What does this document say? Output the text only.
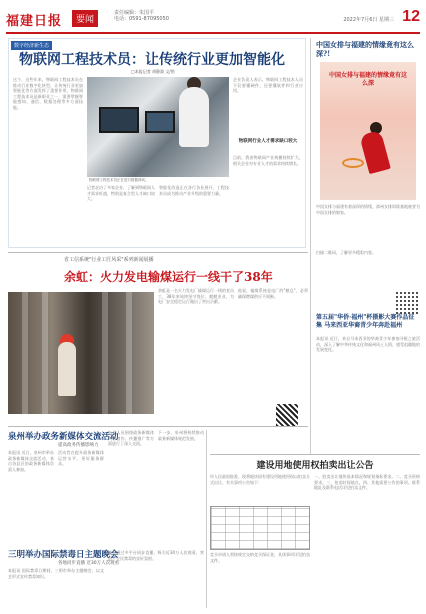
福建日报	要闻
责任编辑：朱国平
电话：0591-87095050	2022年7月6日 星期三 12
数字经济新生态
物联网工程技术员：让传统行业更加智能化
□本报记者 胡静漪 文/图
这个，这些年来，物联网工程技术员在推动行业数字化转型，让传统行业更加智能化等方面发挥了重要作用。物联网工程技术员是新职业之一，需要掌握智能感知、通信、数据处理等多方面技能。
物联网工程技术员正在进行数据调试。
记者走访了多家企业，了解到物联网人才需求旺盛，特别是复合型人才缺口较大。
智能化改造正在各行各业展开，工程技术员成为推动产业升级的重要力量。
企业负责人表示，物联网工程技术人员不仅要懂硬件，还要懂软件和行业应用。
物联网行业人才需求缺口较大
目前，我省物联网产业规模持续扩大，相关企业对专业人才的需求持续增长。
中国女排与福建的情缘竟有这么深?!
中国女排与福建的情缘竟有这么深
中国女排与福建有着深厚的情缘，漳州女排训练基地被誉为中国女排的娘家。
扫描二维码，了解更多精彩内容。
第五届"华侨·福州"杯摄影大赛作品征集 马来西亚华裔青少年奔赴福州
本报讯 近日，来自马来西亚的华裔青少年参加寻根之旅活动，深入了解中华传统文化和福州风土人情，感受祖籍地的发展变化。
省工信系统"行业工匠风采"系列新闻展播
余虹：火力发电输煤运行一线干了38年
余虹是一名火力发电厂输煤运行一线的老员工，38年来始终坚守岗位，兢兢业业，为电厂安全稳定运行做出了突出贡献。
他说，输煤系统是电厂的"粮仓"，必须确保燃煤供应不间断。
泉州举办政务新媒体交流活动
提高政务传播影响力
本报讯 近日，泉州市举办政务新媒体交流活动，来自各县区的政务新媒体负责人参加。
活动旨在提升政务新媒体运营水平，更好服务群众。
与会人员围绕政务新媒体内容创作、传播推广等方面进行了深入交流。
下一步，泉州将持续推动政务新媒体规范发展。
三明举办国际禁毒日主题晚会
各地同步直播 近30万人次观看
本报讯 国际禁毒日期间，三明市举办主题晚会，以文艺形式宣传禁毒知识。
晚会通过多平台同步直播，吸引近30万人次观看，营造了全民禁毒的良好氛围。
建设用地使用权拍卖出让公告
经人民政府批准，现将地块国有建设用地使用权以拍卖方式出让，有关事项公告如下：
竞买申请人须按规定交纳竞买保证金，具体事项详见拍卖文件。
一、拍卖出让地块基本情况和规划指标要求。二、竞买资格要求。三、拍卖时间地点。四、其他需要公告的事项。联系地址及联系电话详见拍卖文件。
